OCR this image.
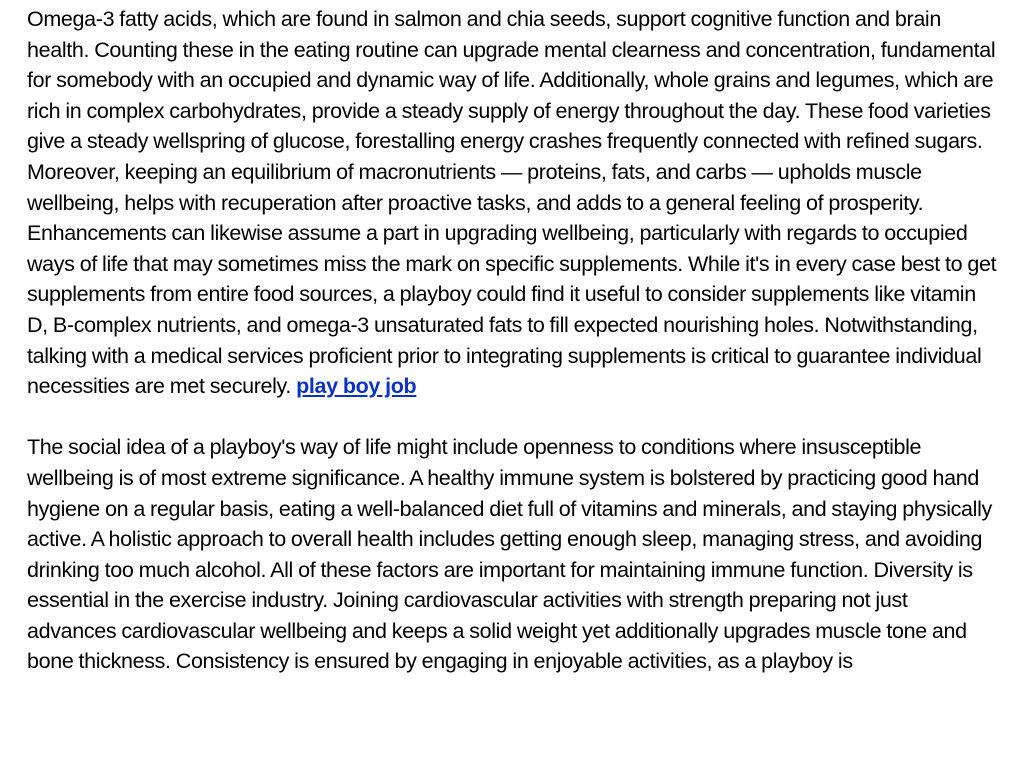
Omega-3 fatty acids, which are found in salmon and chia seeds, support cognitive function and brain health. Counting these in the eating routine can upgrade mental clearness and concentration, fundamental for somebody with an occupied and dynamic way of life. Additionally, whole grains and legumes, which are rich in complex carbohydrates, provide a steady supply of energy throughout the day. These food varieties give a steady wellspring of glucose, forestalling energy crashes frequently connected with refined sugars. Moreover, keeping an equilibrium of macronutrients — proteins, fats, and carbs — upholds muscle wellbeing, helps with recuperation after proactive tasks, and adds to a general feeling of prosperity. Enhancements can likewise assume a part in upgrading wellbeing, particularly with regards to occupied ways of life that may sometimes miss the mark on specific supplements. While it's in every case best to get supplements from entire food sources, a playboy could find it useful to consider supplements like vitamin D, B-complex nutrients, and omega-3 unsaturated fats to fill expected nourishing holes. Notwithstanding, talking with a medical services proficient prior to integrating supplements is critical to guarantee individual necessities are met securely. play boy job

The social idea of a playboy's way of life might include openness to conditions where insusceptible wellbeing is of most extreme significance. A healthy immune system is bolstered by practicing good hand hygiene on a regular basis, eating a well-balanced diet full of vitamins and minerals, and staying physically active. A holistic approach to overall health includes getting enough sleep, managing stress, and avoiding drinking too much alcohol. All of these factors are important for maintaining immune function. Diversity is essential in the exercise industry. Joining cardiovascular activities with strength preparing not just advances cardiovascular wellbeing and keeps a solid weight yet additionally upgrades muscle tone and bone thickness. Consistency is ensured by engaging in enjoyable activities, as a playboy is
